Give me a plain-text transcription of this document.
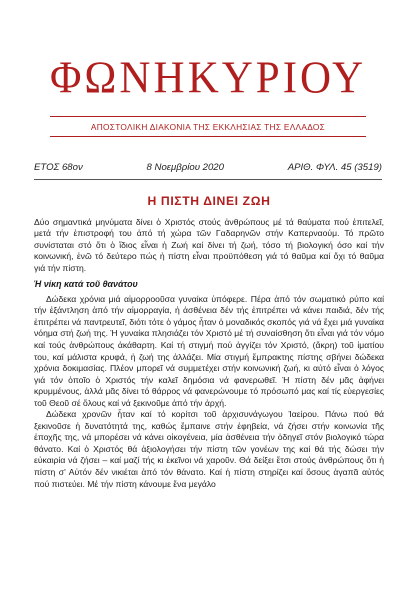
ΦΩΝΗ ΚΥΡΙΟΥ
ΑΠΟΣΤΟΛΙΚΗ ΔΙΑΚΟΝΙΑ ΤΗΣ ΕΚΚΛΗΣΙΑΣ ΤΗΣ ΕΛΛΑΔΟΣ
ΕΤΟΣ 68ον	8 Νοεμβρίου 2020	ΑΡΙΘ. ΦΥΛ. 45 (3519)
Η ΠΙΣΤΗ ΔΙΝΕΙ ΖΩΗ

Δύο σημαντικά μηνύματα δίνει ὁ Χριστός στούς ἀνθρώπους μέ τά θαύματα πού ἐπιτελεῖ, μετά τήν ἐπιστροφή του ἀπό τή χώρα τῶν Γαδαρηνῶν στήν Καπερναούμ. Τό πρῶτο συνίσταται στό ὅτι ὁ ἴδιος εἶναι ἡ Ζωή καί δίνει τή ζωή, τόσο τή βιολογική όσο καί τήν κοινωνική, ἐνῶ τό δεύτερο πώς ἡ πίστη εἶναι προϋπόθεση γιά τό θαῦμα καί ὄχι τό θαῦμα γιά τήν πίστη.

Ἡ νίκη κατά τοῦ θανάτου

Δώδεκα χρόνια μιά αἱμορροοῦσα γυναίκα ὑπόφερε. Πέρα ἀπό τόν σωματικό ρύπο καί τήν ἐξάντληση ἀπό τήν αἱμορραγία, ἡ ἀσθένεια δέν τής ἐπιτρέπει νά κάνει παιδιά, δέν τής ἐπιτρέπει νά παντρευτεῖ, διότι τότε ὁ γάμος ἦταν ὁ μοναδικός σκοπός γιά νά ἔχει μιά γυναίκα νόημα στή ζωή της. Ἡ γυναίκα πλησιάζει τόν Χριστό μέ τή συναίσθηση ὅτι εἶναι γιά τόν νόμο καί τούς ἀνθρώπους ἀκάθαρτη. Καί τή στιγμή πού ἀγγίζει τόν Χριστό, (ἄκρη) τοῦ ἱματίου του, καί μάλιστα κρυφά, ἡ ζωή της ἀλλάζει. Μία στιγμή ἔμπρακτης πίστης σβήνει δώδεκα χρόνια δοκιμασίας. Πλέον μπορεῖ νά συμμετέχει στήν κοινωνική ζωή, κι αὐτό εἶναι ὁ λόγος γιά τόν ὁποῖο ὁ Χριστός τήν καλεῖ δημόσια νά φανερωθεῖ. Ἡ πίστη δέν μᾶς ἀφήνει κρυμμένους, ἀλλά μᾶς δίνει τό θάρρος νά φανερώνουμε τό πρόσωπό μας καί τίς εὐεργεσίες τοῦ Θεοῦ σέ ὅλους καί νά ξεκινοῦμε ἀπό τήν ἀρχή.

Δώδεκα χρονῶν ἦταν καί τό κορίτσι τοῦ ἀρχισυνάγωγου Ἰαείρου. Πάνω πού θά ξεκινοῦσε ἡ δυνατότητά της, καθώς ἔμπαινε στήν ἐφηβεία, νά ζήσει στήν κοινωνία τῆς ἐποχῆς της, νά μπορέσει νά κάνει οἰκογένεια, μία ἀσθένεια τήν ὁδηγεῖ στόν βιολογικό τώρα θάνατο. Καί ὁ Χριστός θά ἀξιολογήσει τήν πίστη τῶν γονέων της καί θά τής δώσει τήν εὐκαιρία νά ζήσει – καί μαζί τής κι ἐκεῖνοι νά χαροῦν. Θά δείξει ἔτσι στούς ἀνθρώπους ὅτι ἡ πίστη σ' Αὐτόν δέν νικιέται ἀπό τόν θάνατο. Καί ἡ πίστη στηρίζει καί ὅσους ἀγαπᾶ αὐτός πού πιστεύει. Μέ τήν πίστη κάνουμε ἕνα μεγάλο
